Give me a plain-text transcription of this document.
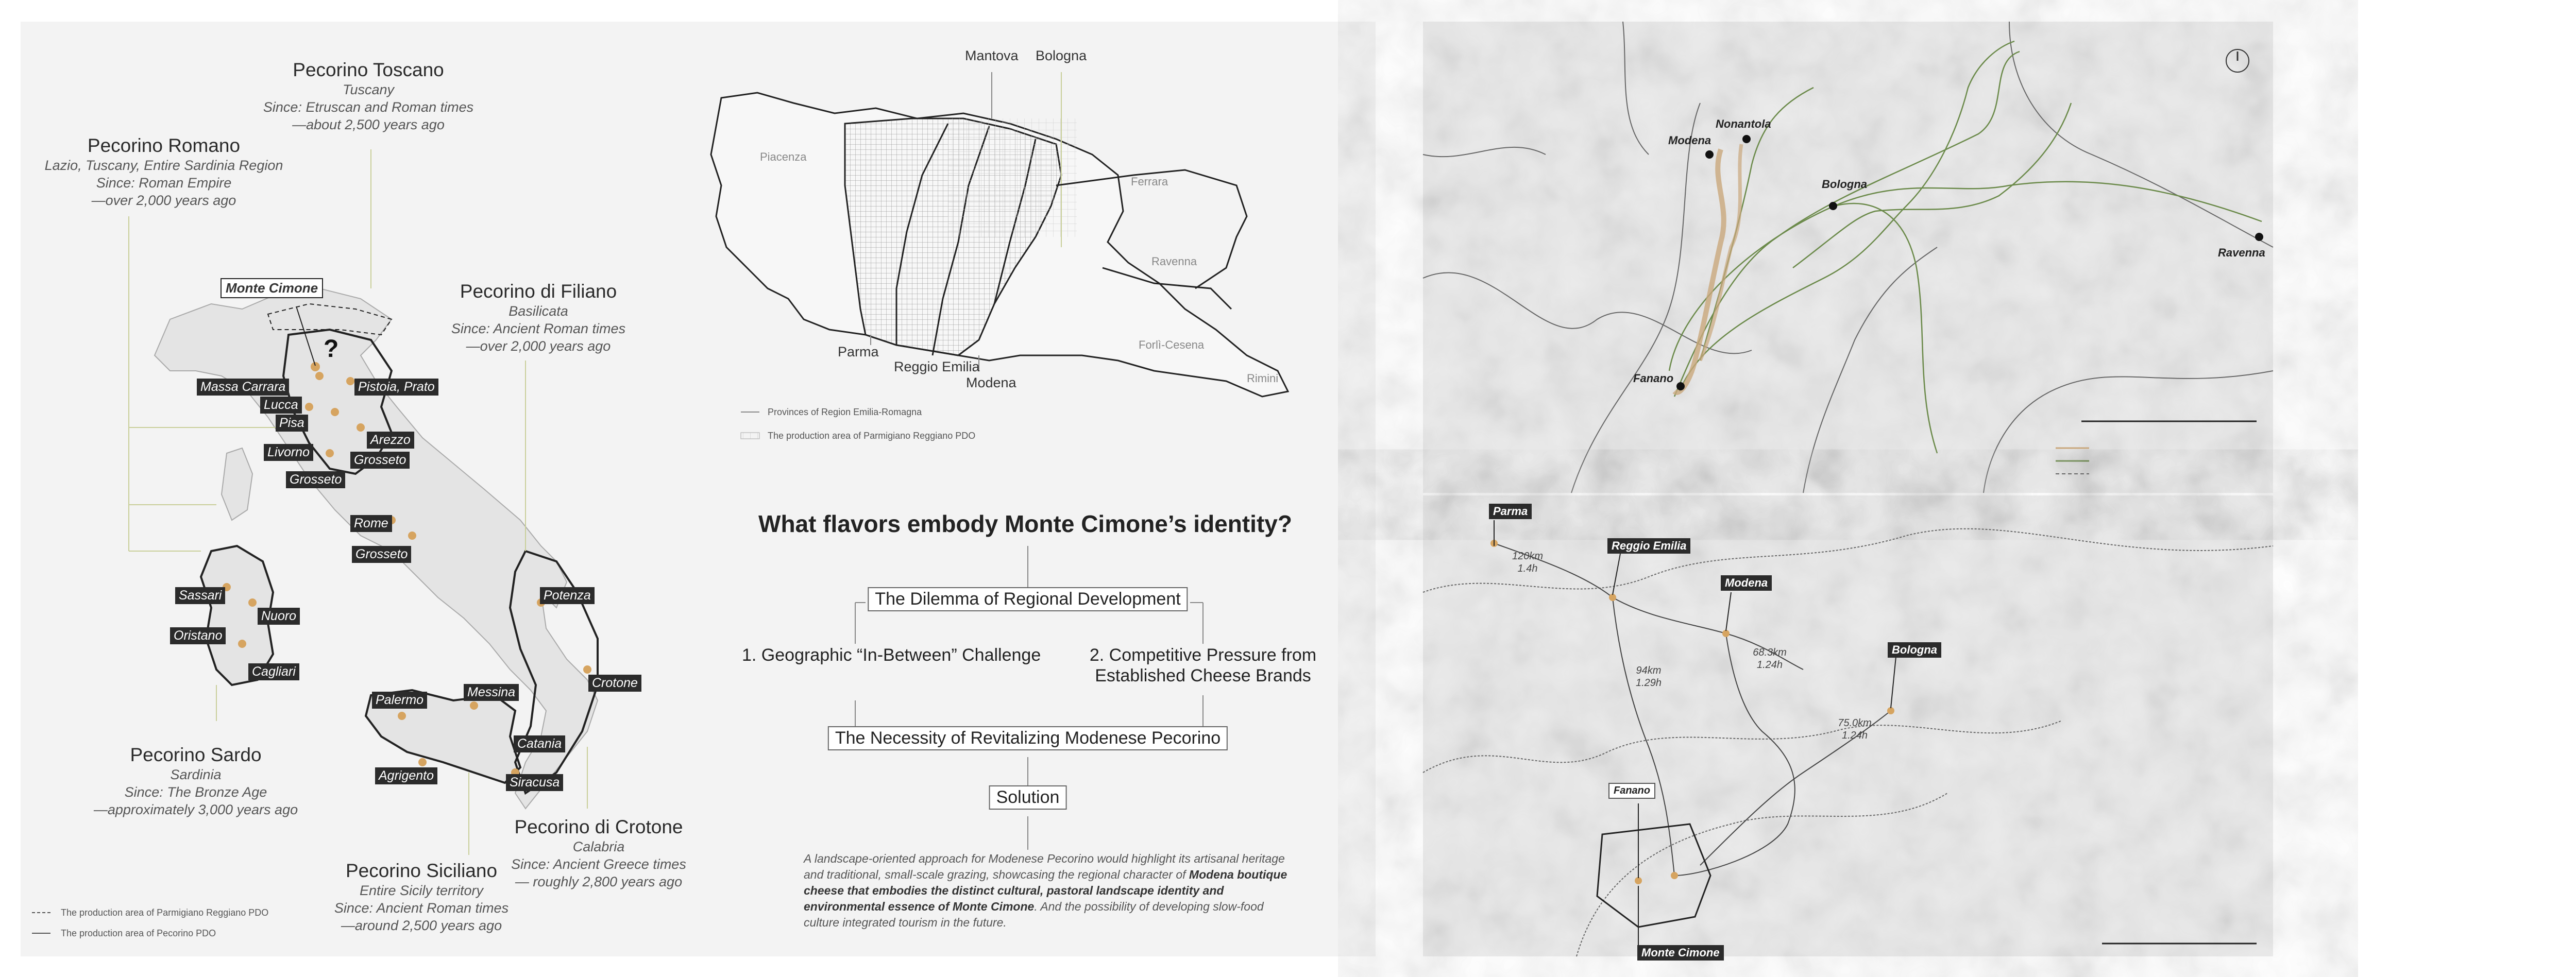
Pecorino Toscano
Tuscany
Since: Etruscan and Roman times
—about 2,500 years ago
Pecorino Romano
Lazio, Tuscany, Entire Sardinia Region
Since: Roman Empire
—over 2,000 years ago
Pecorino di Filiano
Basilicata
Since: Ancient Roman times
—over 2,000 years ago
Pecorino Sardo
Sardinia
Since: The Bronze Age
—approximately 3,000 years ago
Pecorino Siciliano
Entire Sicily territory
Since: Ancient Roman times
—around 2,500 years ago
Pecorino di Crotone
Calabria
Since: Ancient Greece times
— roughly 2,800 years ago
Monte Cimone
?
Massa Carrara	Pistoia, Prato
Lucca
Pisa
Arezzo
Livorno
Grosseto
Grosseto
Rome
Grosseto
Sassari
Nuoro
Oristano
Cagliari
Potenza
Crotone
Messina
Palermo
Catania
Agrigento	Siracusa
The production area of Parmigiano Reggiano PDO
The production area of Pecorino PDO
Mantova Bologna
Piacenza
Ferrara
Ravenna
Forlì-Cesena
Rimini
Parma
Reggio Emilia
Modena
Provinces of Region Emilia-Romagna
The production area of Parmigiano Reggiano PDO
What flavors embody Monte Cimone’s identity?
The Dilemma of Regional Development
1. Geographic “In-Between” Challenge	2. Competitive Pressure from
Established Cheese Brands
The Necessity of Revitalizing Modenese Pecorino
Solution
A landscape-oriented approach for Modenese Pecorino would highlight its artisanal heritage and traditional, small-scale grazing, showcasing the regional character of Modena boutique cheese that embodies the distinct cultural, pastoral landscape identity and environmental essence of Monte Cimone. And the possibility of developing slow-food culture integrated tourism in the future.
Nonantola
Modena
Bologna
Ravenna
Fanano
Parma
Reggio Emilia
Modena
Bologna
Fanano
Monte Cimone
120km
1.4h
94km
1.29h
68.3km
1.24h
75.0km
1.24h
